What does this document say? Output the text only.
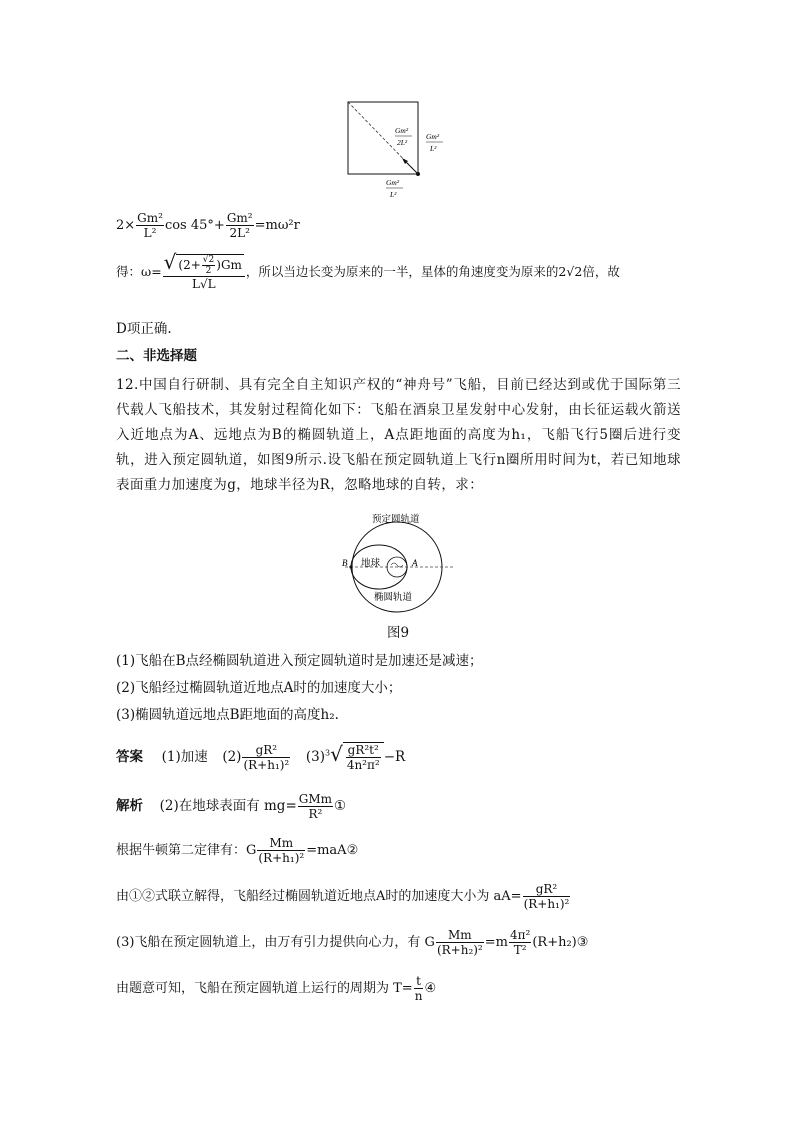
Gm²
2L²
Gm²
L²
Gm²
L²
$2\times \frac{\text{Gm²}}{\text{L²}}$ $\cos 45^\circ+ \frac{\text{Gm²}}{\text{2L²}} =m\omega^2r$
得：$\omega= \frac{√ (2+ \frac{√2}{2} )Gm}{L√L}$ ，所以当边长变为原来的一半，星体的角速度变为原来的2√2倍，故
D项正确.
二、非选择题
12.中国自行研制、具有完全自主知识产权的“神舟号”飞船，目前已经达到或优于国际第三代载人飞船技术，其发射过程简化如下：飞船在酒泉卫星发射中心发射，由长征运载火箭送入近地点为A、远地点为B的椭圆轨道上，A点距地面的高度为h₁，飞船飞行5圈后进行变轨，进入预定圆轨道，如图9所示.设飞船在预定圆轨道上飞行n圈所用时间为t，若已知地球表面重力加速度为g，地球半径为R，忽略地球的自转，求：
预定圆轨道
地球
B	A
椭圆轨道
图9
(1)飞船在B点经椭圆轨道进入预定圆轨道时是加速还是减速；
(2)飞船经过椭圆轨道近地点A时的加速度大小；
(3)椭圆轨道远地点B距地面的高度h₂.
答案 (1)加速 $(2) \frac{\text{gR²}}{\text{(R+h₁)²}} (3)^3√ \frac{\text{gR²t²}}{\text{4n²π²}} -R$
解析 (2)在地球表面有 $mg= \frac{\text{GMm}}{\text{R²}}$ ①
根据牛顿第二定律有：G $\frac{Mm}{\text{(R+h₁)²}}$ =maA②
由①②式联立解得，飞船经过椭圆轨道近地点A时的加速度大小为 $aA= \frac{\text{gR²}}{\text{(R+h₁)²}}$
(3)飞船在预定圆轨道上，由万有引力提供向心力，有 G $\frac{Mm}{\text{(R+h₂)²}} =m \frac{\text{4π²}}{\text{T²}}$ (R+h₂)③
由题意可知，飞船在预定圆轨道上运行的周期为 $T= \frac{t}{n}$ ④
